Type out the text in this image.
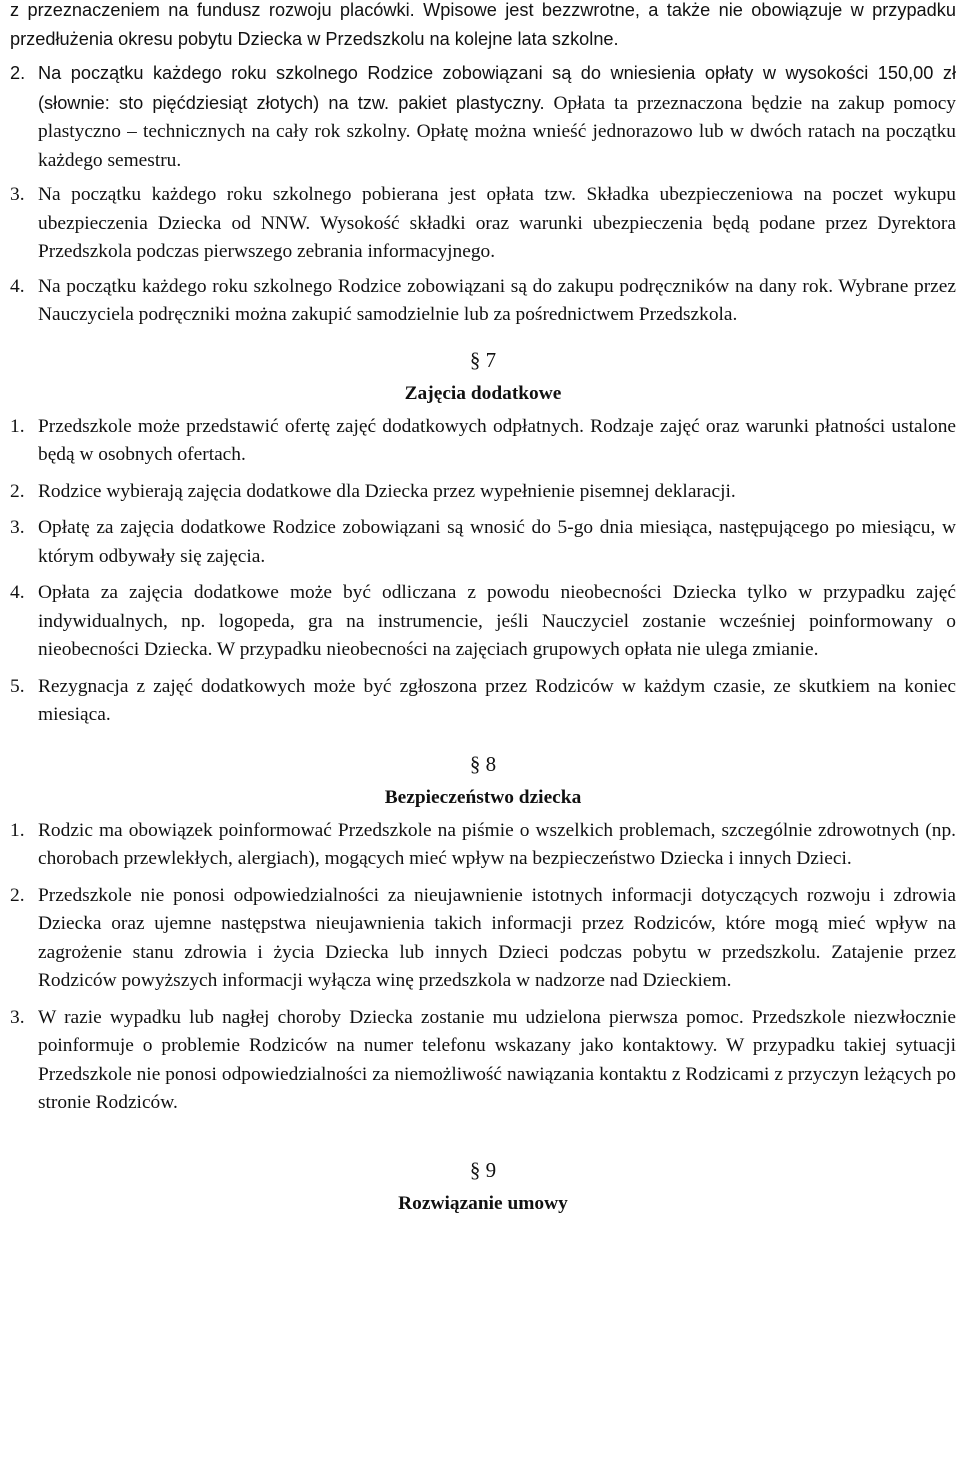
z przeznaczeniem na fundusz rozwoju placówki. Wpisowe jest bezzwrotne, a także nie obowiązuje w przypadku przedłużenia okresu pobytu Dziecka w Przedszkolu na kolejne lata szkolne.

2. Na początku każdego roku szkolnego Rodzice zobowiązani są do wniesienia opłaty w wysokości 150,00 zł (słownie: sto pięćdziesiąt złotych) na tzw. pakiet plastyczny. Opłata ta przeznaczona będzie na zakup pomocy plastyczno – technicznych na cały rok szkolny. Opłatę można wnieść jednorazowo lub w dwóch ratach na początku każdego semestru.
3. Na początku każdego roku szkolnego pobierana jest opłata tzw. Składka ubezpieczeniowa na poczet wykupu ubezpieczenia Dziecka od NNW. Wysokość składki oraz warunki ubezpieczenia będą podane przez Dyrektora Przedszkola podczas pierwszego zebrania informacyjnego.
4. Na początku każdego roku szkolnego Rodzice zobowiązani są do zakupu podręczników na dany rok. Wybrane przez Nauczyciela podręczniki można zakupić samodzielnie lub za pośrednictwem Przedszkola.

§ 7

Zajęcia dodatkowe

1. Przedszkole może przedstawić ofertę zajęć dodatkowych odpłatnych. Rodzaje zajęć oraz warunki płatności ustalone będą w osobnych ofertach.
2. Rodzice wybierają zajęcia dodatkowe dla Dziecka przez wypełnienie pisemnej deklaracji.
3. Opłatę za zajęcia dodatkowe Rodzice zobowiązani są wnosić do 5-go dnia miesiąca, następującego po miesiącu, w którym odbywały się zajęcia.
4. Opłata za zajęcia dodatkowe może być odliczana z powodu nieobecności Dziecka tylko w przypadku zajęć indywidualnych, np. logopeda, gra na instrumencie, jeśli Nauczyciel zostanie wcześniej poinformowany o nieobecności Dziecka. W przypadku nieobecności na zajęciach grupowych opłata nie ulega zmianie.
5. Rezygnacja z zajęć dodatkowych może być zgłoszona przez Rodziców w każdym czasie, ze skutkiem na koniec miesiąca.

§ 8

Bezpieczeństwo dziecka

1. Rodzic ma obowiązek poinformować Przedszkole na piśmie o wszelkich problemach, szczególnie zdrowotnych (np. chorobach przewlekłych, alergiach), mogących mieć wpływ na bezpieczeństwo Dziecka i innych Dzieci.
2. Przedszkole nie ponosi odpowiedzialności za nieujawnienie istotnych informacji dotyczących rozwoju i zdrowia Dziecka oraz ujemne następstwa nieujawnienia takich informacji przez Rodziców, które mogą mieć wpływ na zagrożenie stanu zdrowia i życia Dziecka lub innych Dzieci podczas pobytu w przedszkolu. Zatajenie przez Rodziców powyższych informacji wyłącza winę przedszkola w nadzorze nad Dzieckiem.
3. W razie wypadku lub nagłej choroby Dziecka zostanie mu udzielona pierwsza pomoc. Przedszkole niezwłocznie poinformuje o problemie Rodziców na numer telefonu wskazany jako kontaktowy. W przypadku takiej sytuacji Przedszkole nie ponosi odpowiedzialności za niemożliwość nawiązania kontaktu z Rodzicami z przyczyn leżących po stronie Rodziców.

§ 9

Rozwiązanie umowy
